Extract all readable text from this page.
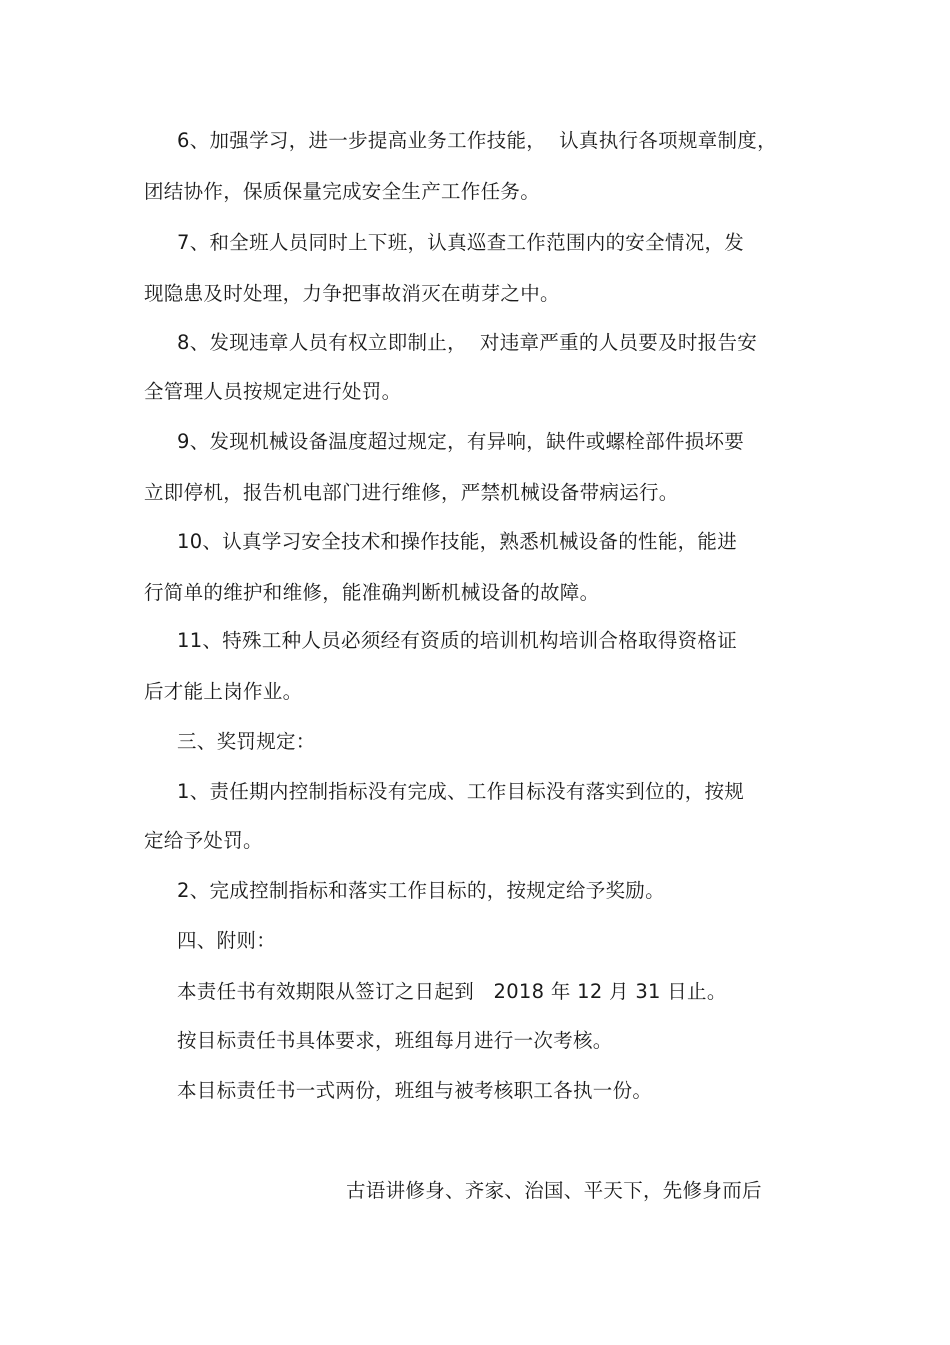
6、加强学习，进一步提高业务工作技能，  认真执行各项规章制度，
团结协作，保质保量完成安全生产工作任务。
7、和全班人员同时上下班，认真巡查工作范围内的安全情况，发
现隐患及时处理，力争把事故消灭在萌芽之中。
8、发现违章人员有权立即制止，  对违章严重的人员要及时报告安
全管理人员按规定进行处罚。
9、发现机械设备温度超过规定，有异响，缺件或螺栓部件损坏要
立即停机，报告机电部门进行维修，严禁机械设备带病运行。
10、认真学习安全技术和操作技能，熟悉机械设备的性能，能进
行简单的维护和维修，能准确判断机械设备的故障。
11、特殊工种人员必须经有资质的培训机构培训合格取得资格证
后才能上岗作业。
三、奖罚规定：
1、责任期内控制指标没有完成、工作目标没有落实到位的，按规
定给予处罚。
2、完成控制指标和落实工作目标的，按规定给予奖励。
四、附则：
本责任书有效期限从签订之日起到   2018 年 12 月 31 日止。
按目标责任书具体要求，班组每月进行一次考核。
本目标责任书一式两份，班组与被考核职工各执一份。
古语讲修身、齐家、治国、平天下，先修身而后
